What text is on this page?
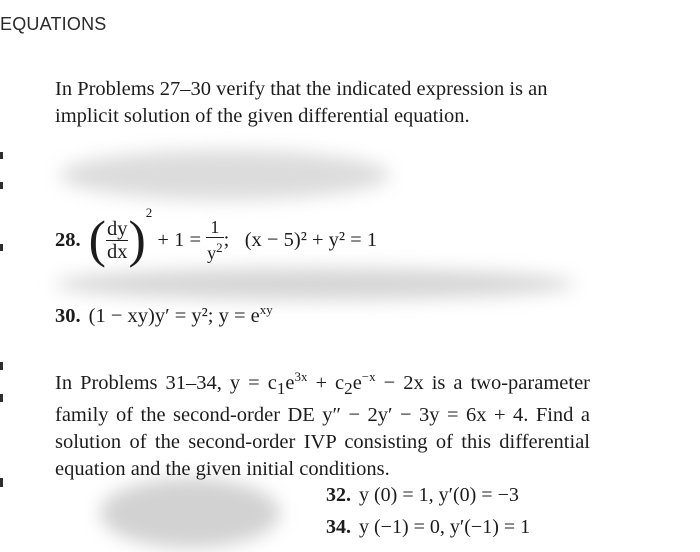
EQUATIONS
In Problems 27–30 verify that the indicated expression is an implicit solution of the given differential equation.
28. ( $\frac{dy}{dx} )^2 + 1 = \frac{1}{y^2}$ ;   (x − 5)² + y² = 1
30. (1 − xy)y′ = y²; $y = e^{xy}$
In Problems 31–34, $y = c_1e^{3x} + c_2e^{-x} - 2x$ is a two-parameter family of the second-order DE y″ − 2y′ − 3y = 6x + 4. Find a solution of the second-order IVP consisting of this differential equation and the given initial conditions.
32. y (0) = 1, y′(0) = −3
34. y (−1) = 0, y′(−1) = 1
